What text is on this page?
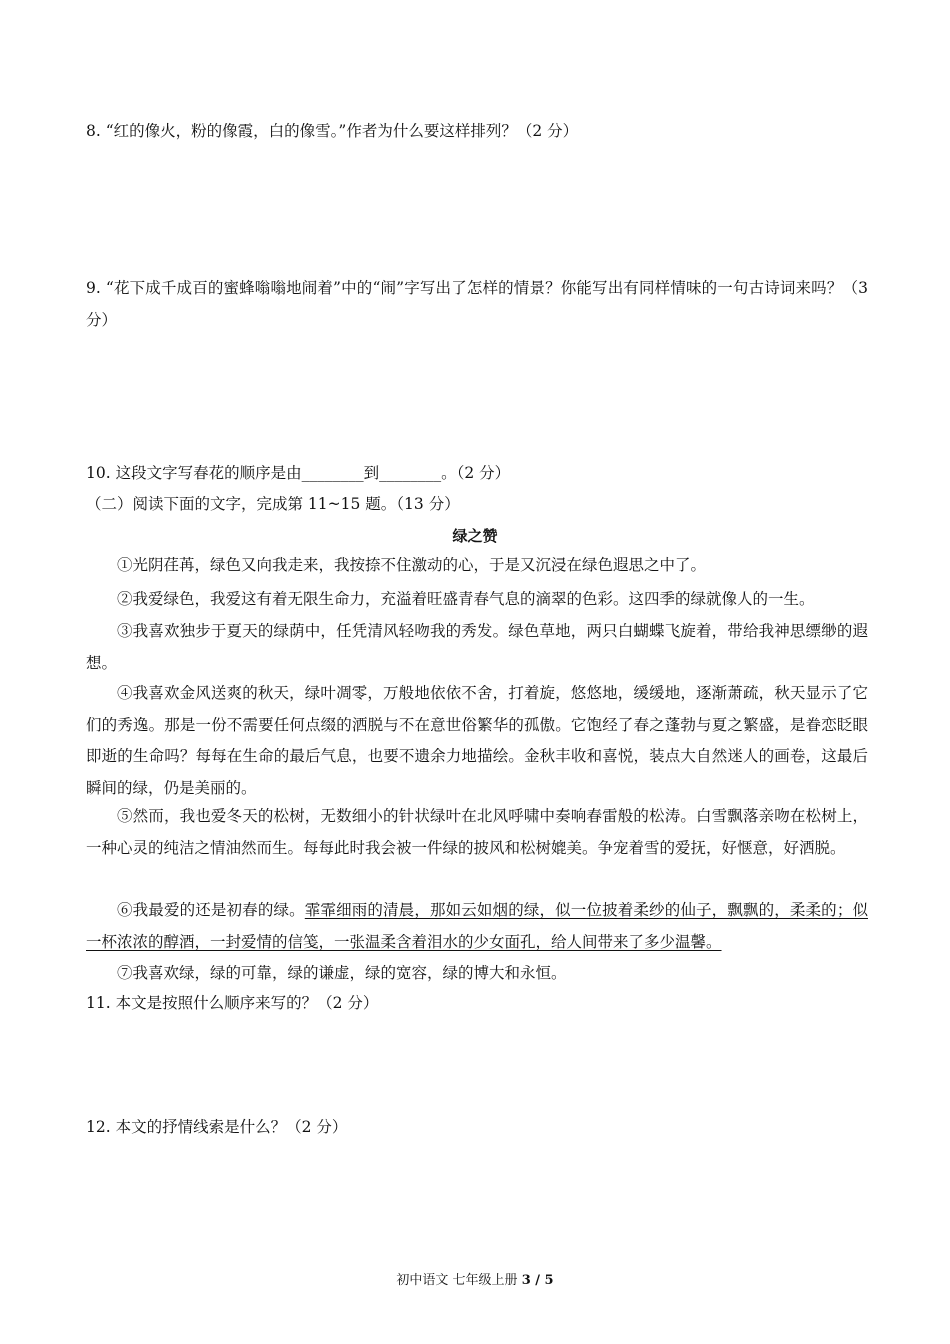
8. “红的像火，粉的像霞，白的像雪。”作者为什么要这样排列？（2 分）
9. “花下成千成百的蜜蜂嗡嗡地闹着”中的“闹”字写出了怎样的情景？你能写出有同样情味的一句古诗词来吗？（3 分）
10. 这段文字写春花的顺序是由________到________。（2 分）
（二）阅读下面的文字，完成第 11~15 题。（13 分）
绿之赞
①光阴荏苒，绿色又向我走来，我按捺不住激动的心，于是又沉浸在绿色遐思之中了。
②我爱绿色，我爱这有着无限生命力，充溢着旺盛青春气息的滴翠的色彩。这四季的绿就像人的一生。
③我喜欢独步于夏天的绿荫中，任凭清风轻吻我的秀发。绿色草地，两只白蝴蝶飞旋着，带给我神思缥缈的遐想。
④我喜欢金风送爽的秋天，绿叶凋零，万般地依依不舍，打着旋，悠悠地，缓缓地，逐渐萧疏，秋天显示了它们的秀逸。那是一份不需要任何点缀的洒脱与不在意世俗繁华的孤傲。它饱经了春之蓬勃与夏之繁盛，是眷恋眨眼即逝的生命吗？每每在生命的最后气息，也要不遗余力地描绘。金秋丰收和喜悦，装点大自然迷人的画卷，这最后瞬间的绿，仍是美丽的。
⑤然而，我也爱冬天的松树，无数细小的针状绿叶在北风呼啸中奏响春雷般的松涛。白雪飘落亲吻在松树上，一种心灵的纯洁之情油然而生。每每此时我会被一件绿的披风和松树媲美。争宠着雪的爱抚，好惬意，好洒脱。
⑥我最爱的还是初春的绿。霏霏细雨的清晨，那如云如烟的绿，似一位披着柔纱的仙子，飘飘的，柔柔的；似一杯浓浓的醇酒，一封爱情的信笺，一张温柔含着泪水的少女面孔，给人间带来了多少温馨。
⑦我喜欢绿，绿的可靠，绿的谦虚，绿的宽容，绿的博大和永恒。
11. 本文是按照什么顺序来写的？（2 分）
12. 本文的抒情线索是什么？（2 分）
初中语文 七年级上册 3 / 5
